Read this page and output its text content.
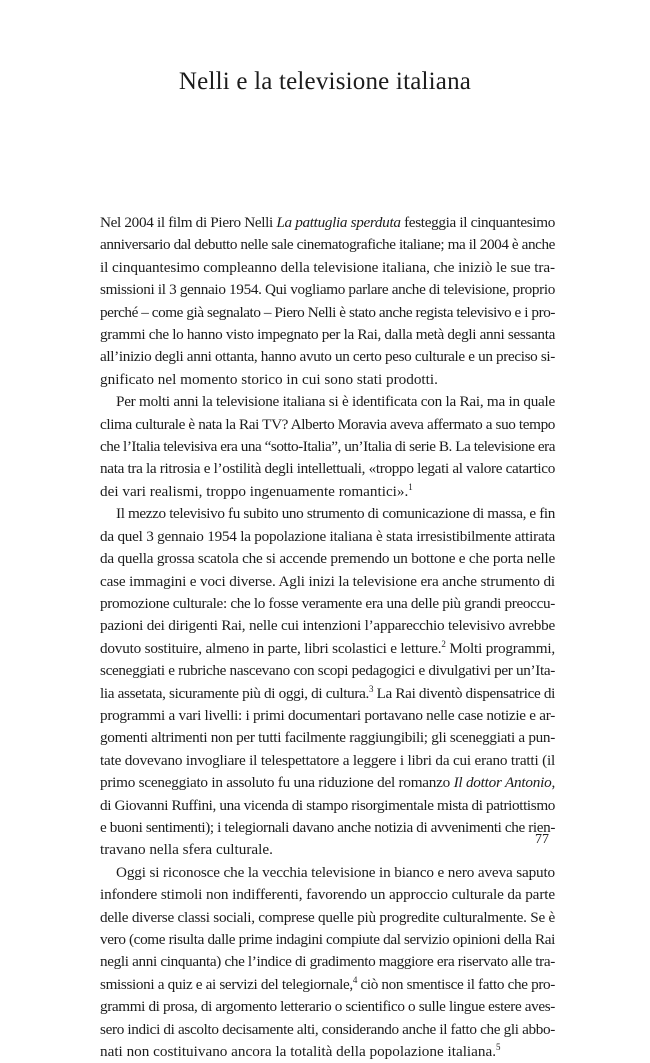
Nelli e la televisione italiana
Nel 2004 il film di Piero Nelli La pattuglia sperduta festeggia il cinquantesimo
anniversario dal debutto nelle sale cinematografiche italiane; ma il 2004 è anche
il cinquantesimo compleanno della televisione italiana, che iniziò le sue tra-
smissioni il 3 gennaio 1954. Qui vogliamo parlare anche di televisione, proprio
perché – come già segnalato – Piero Nelli è stato anche regista televisivo e i pro-
grammi che lo hanno visto impegnato per la Rai, dalla metà degli anni sessanta
all’inizio degli anni ottanta, hanno avuto un certo peso culturale e un preciso si-
gnificato nel momento storico in cui sono stati prodotti.
Per molti anni la televisione italiana si è identificata con la Rai, ma in quale
clima culturale è nata la Rai TV? Alberto Moravia aveva affermato a suo tempo
che l’Italia televisiva era una “sotto-Italia”, un’Italia di serie B. La televisione era
nata tra la ritrosia e l’ostilità degli intellettuali, «troppo legati al valore catartico
dei vari realismi, troppo ingenuamente romantici».$^1$
Il mezzo televisivo fu subito uno strumento di comunicazione di massa, e fin
da quel 3 gennaio 1954 la popolazione italiana è stata irresistibilmente attirata
da quella grossa scatola che si accende premendo un bottone e che porta nelle
case immagini e voci diverse. Agli inizi la televisione era anche strumento di
promozione culturale: che lo fosse veramente era una delle più grandi preoccu-
pazioni dei dirigenti Rai, nelle cui intenzioni l’apparecchio televisivo avrebbe
dovuto sostituire, almeno in parte, libri scolastici e letture.$^2$ Molti programmi,
sceneggiati e rubriche nascevano con scopi pedagogici e divulgativi per un’Ita-
lia assetata, sicuramente più di oggi, di cultura.$^3$ La Rai diventò dispensatrice di
programmi a vari livelli: i primi documentari portavano nelle case notizie e ar-
gomenti altrimenti non per tutti facilmente raggiungibili; gli sceneggiati a pun-
tate dovevano invogliare il telespettatore a leggere i libri da cui erano tratti (il
primo sceneggiato in assoluto fu una riduzione del romanzo Il dottor Antonio,
di Giovanni Ruffini, una vicenda di stampo risorgimentale mista di patriottismo
e buoni sentimenti); i telegiornali davano anche notizia di avvenimenti che rien-
travano nella sfera culturale.
Oggi si riconosce che la vecchia televisione in bianco e nero aveva saputo
infondere stimoli non indifferenti, favorendo un approccio culturale da parte
delle diverse classi sociali, comprese quelle più progredite culturalmente. Se è
vero (come risulta dalle prime indagini compiute dal servizio opinioni della Rai
negli anni cinquanta) che l’indice di gradimento maggiore era riservato alle tra-
smissioni a quiz e ai servizi del telegiornale,$^4$ ciò non smentisce il fatto che pro-
grammi di prosa, di argomento letterario o scientifico o sulle lingue estere aves-
sero indici di ascolto decisamente alti, considerando anche il fatto che gli abbo-
nati non costituivano ancora la totalità della popolazione italiana.$^5$
77
